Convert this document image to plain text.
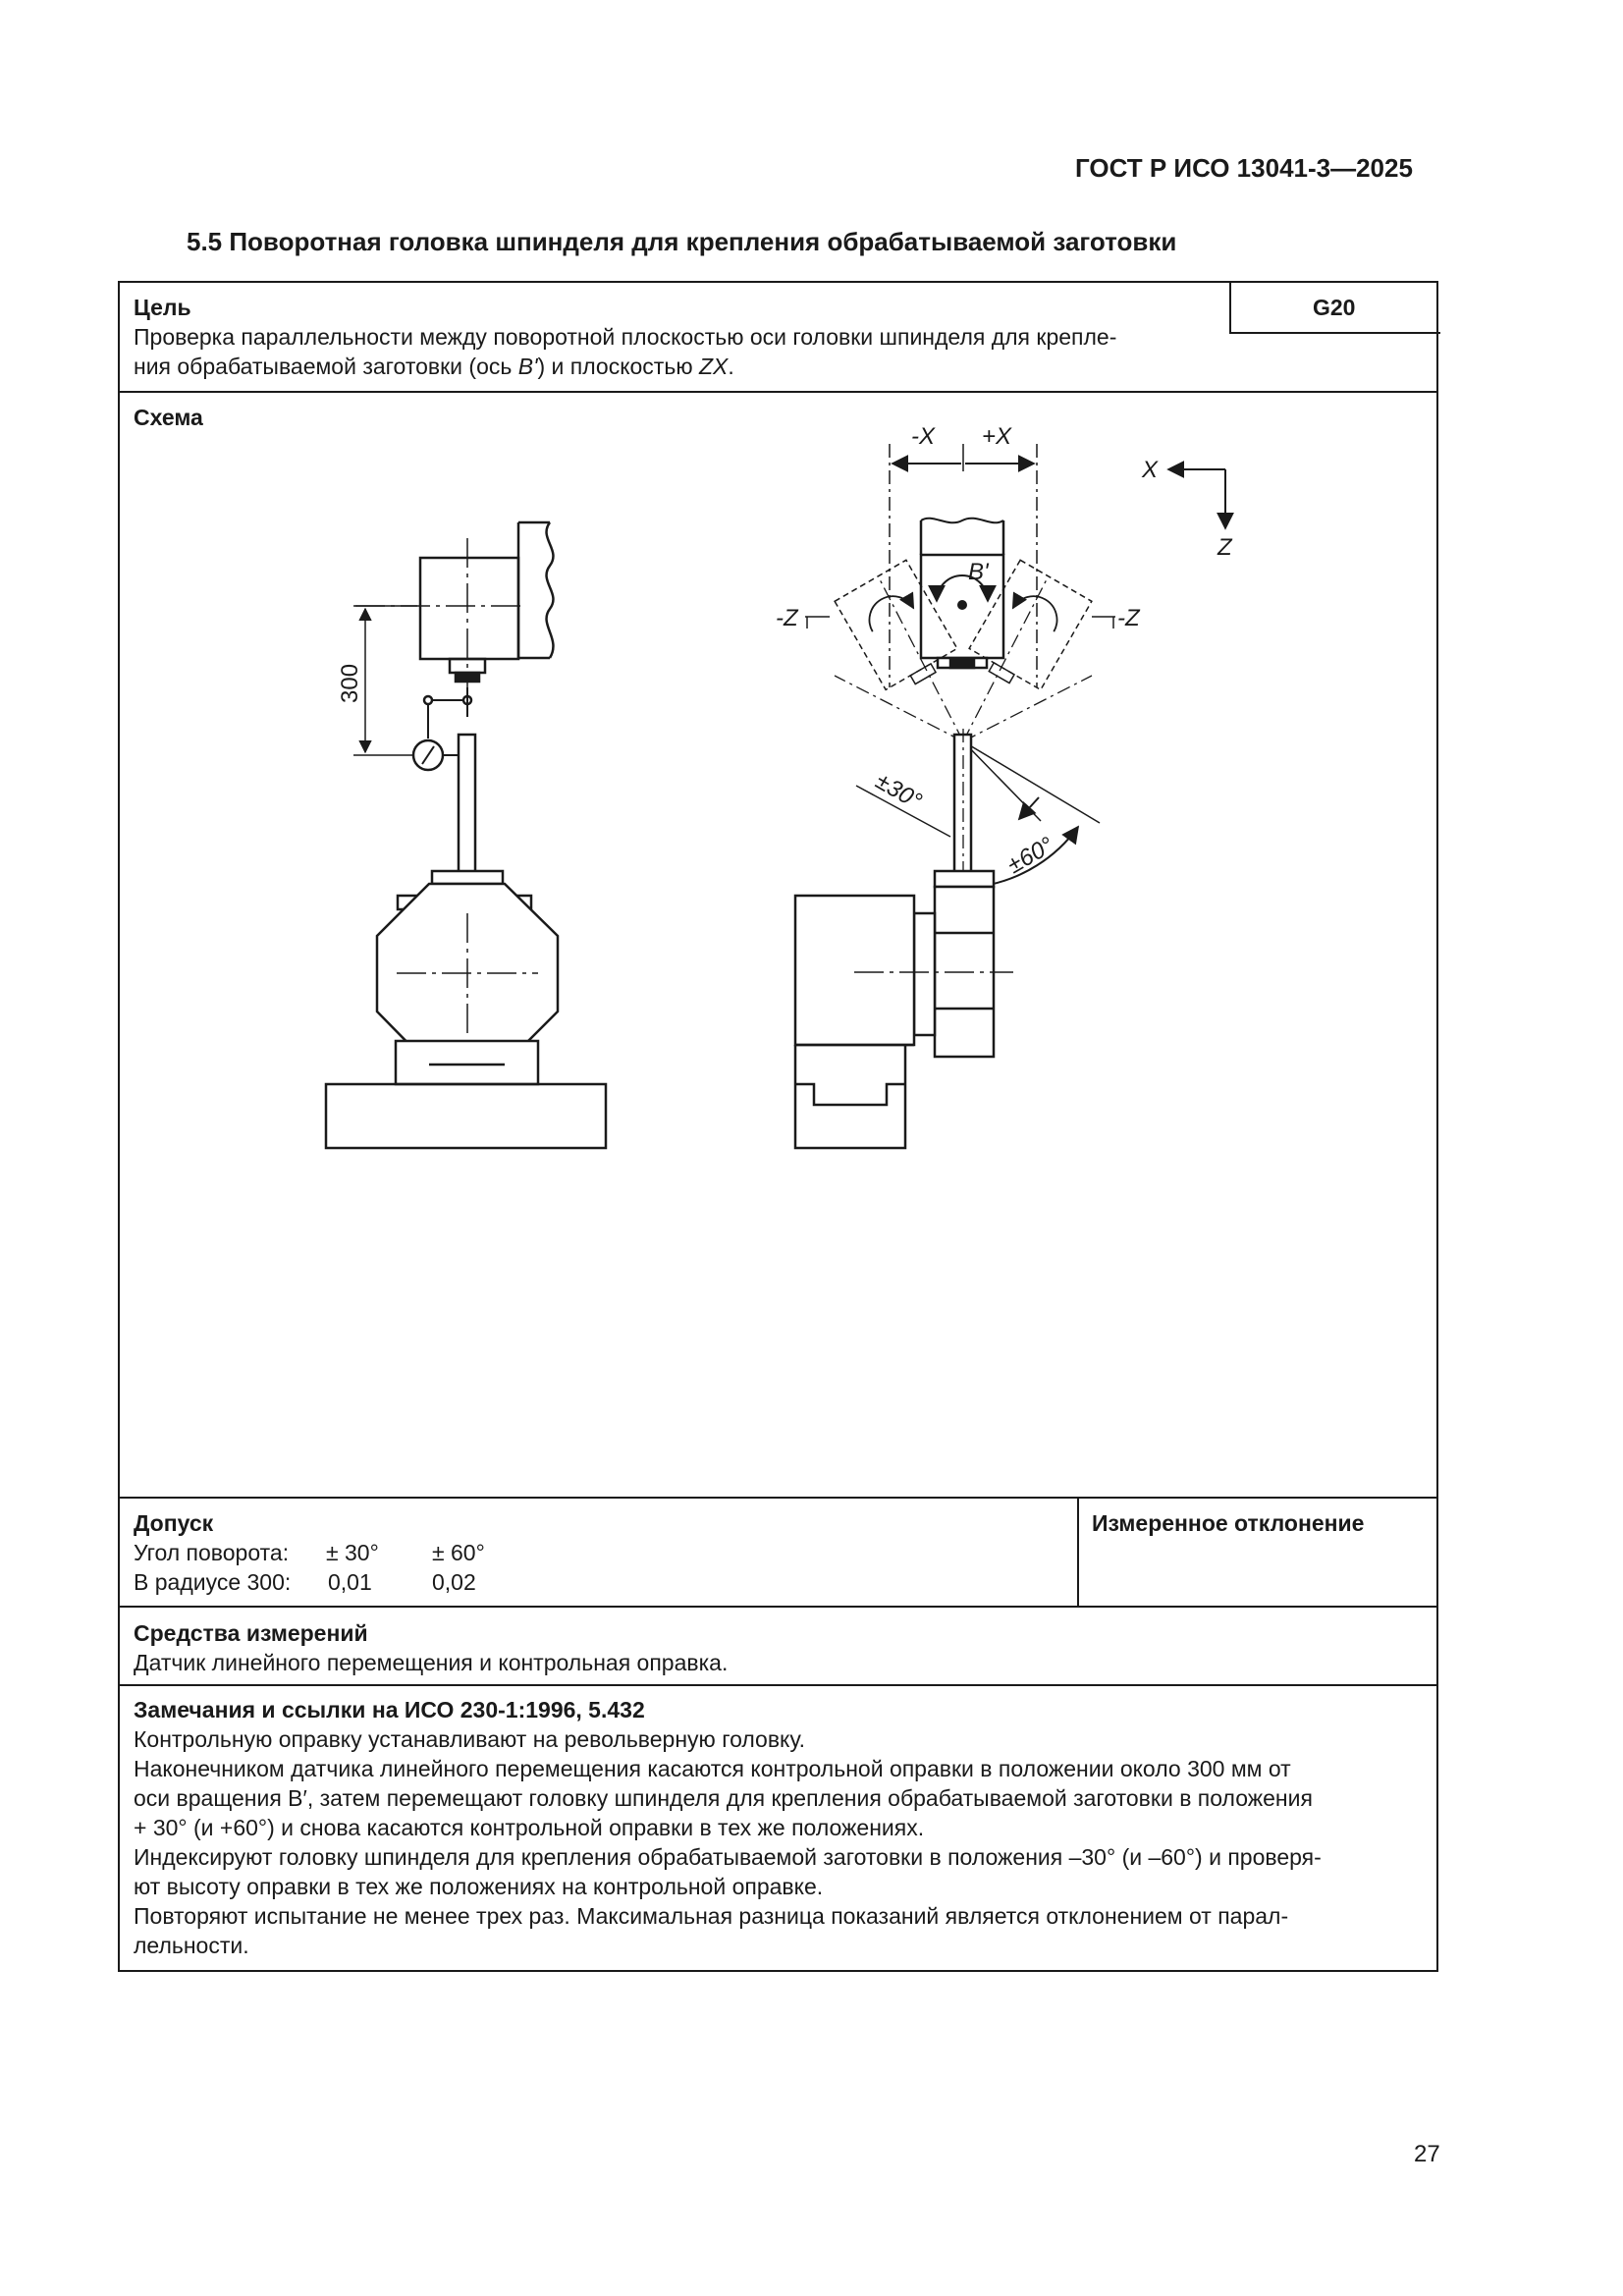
ГОСТ Р ИСО 13041-3—2025
5.5 Поворотная головка шпинделя для крепления обрабатываемой заготовки
Цель	G20
Проверка параллельности между поворотной плоскостью оси головки шпинделя для крепле-
ния обрабатываемой заготовки (ось B') и плоскостью ZX.
Схема
Допуск
Угол поворота: ± 30° ± 60°
В радиусе 300: 0,01	0,02
Измеренное отклонение
Средства измерений
Датчик линейного перемещения и контрольная оправка.
Замечания и ссылки на ИСО 230-1:1996, 5.432
Контрольную оправку устанавливают на револьверную головку.
Наконечником датчика линейного перемещения касаются контрольной оправки в положении около 300 мм от
оси вращения B′, затем перемещают головку шпинделя для крепления обрабатываемой заготовки в положения
+ 30° (и +60°) и снова касаются контрольной оправки в тех же положениях.
Индексируют головку шпинделя для крепления обрабатываемой заготовки в положения –30° (и –60°) и проверя-
ют высоту оправки в тех же положениях на контрольной оправке.
Повторяют испытание не менее трех раз. Максимальная разница показаний является отклонением от парал-
лельности.
300
X
Z
-X +X
B'
-Z	-Z
±30°
±60°
27
